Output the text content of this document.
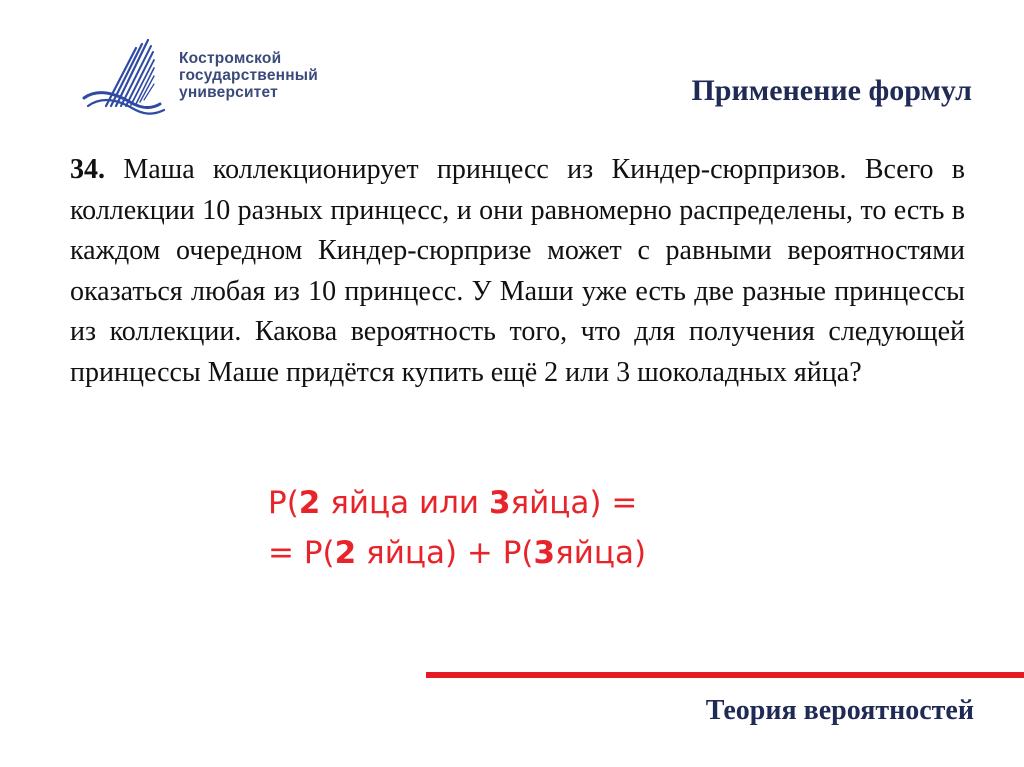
Костромской
государственный
университет	Применение формул
34. Маша коллекционирует принцесс из Киндер-сюрпризов. Всего в коллекции 10 разных принцесс, и они равномерно распределены, то есть в каждом очередном Киндер-сюрпризе может с равными вероятностями оказаться любая из 10 принцесс. У Маши уже есть две разные принцессы из коллекции. Какова вероятность того, что для получения следующей принцессы Маше придётся купить ещё 2 или 3 шоколадных яйца?
P(2 яйца или 3яйца) =
= P(2 яйца) + P(3яйца)
Теория вероятностей
